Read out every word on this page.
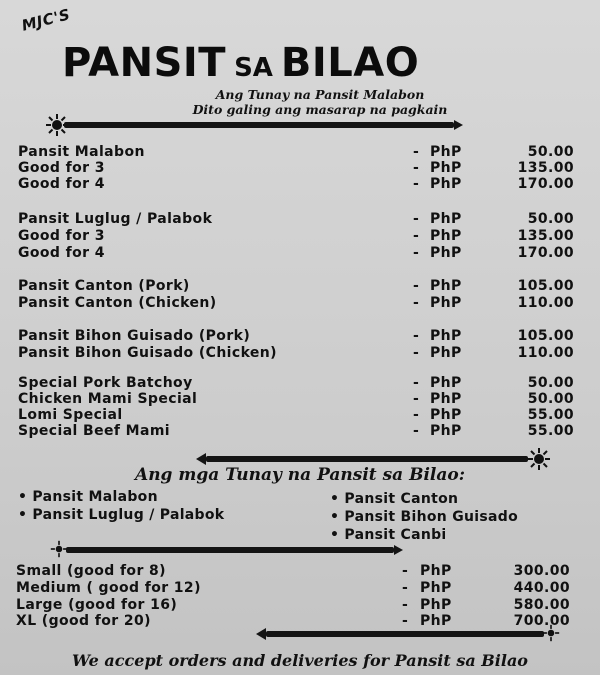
MJC'S
PANSIT SA BILAO
Ang Tunay na Pansit Malabon
Dito galing ang masarap na pagkain
Pansit Malabon	- PhP	50.00
Good for 3	- PhP	135.00
Good for 4	- PhP	170.00
Pansit Luglug / Palabok	- PhP	50.00
Good for 3	- PhP	135.00
Good for 4	- PhP	170.00
Pansit Canton (Pork)	- PhP	105.00
Pansit Canton (Chicken)	- PhP	110.00
Pansit Bihon Guisado (Pork)	- PhP	105.00
Pansit Bihon Guisado (Chicken)	- PhP	110.00
Special Pork Batchoy	- PhP	50.00
Chicken Mami Special	- PhP	50.00
Lomi Special	- PhP	55.00
Special Beef Mami	- PhP	55.00
Ang mga Tunay na Pansit sa Bilao:
• Pansit Malabon
• Pansit Luglug / Palabok
• Pansit Canton
• Pansit Bihon Guisado
• Pansit Canbi
Small (good for 8)	- PhP	300.00
Medium ( good for 12)	- PhP	440.00
Large (good for 16)	- PhP	580.00
XL (good for 20)	- PhP	700.00
We accept orders and deliveries for Pansit sa Bilao
